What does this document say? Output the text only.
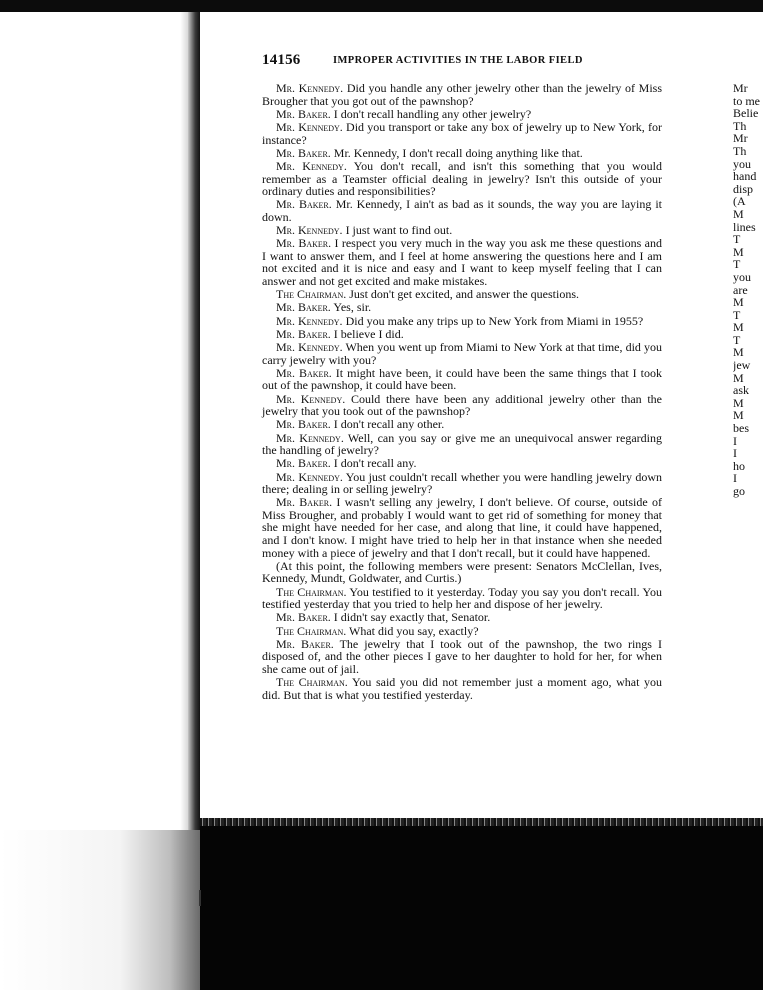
14156	IMPROPER ACTIVITIES IN THE LABOR FIELD

Mr. Kennedy. Did you handle any other jewelry other than the jewelry of Miss Brougher that you got out of the pawnshop?

Mr. Baker. I don't recall handling any other jewelry?

Mr. Kennedy. Did you transport or take any box of jewelry up to New York, for instance?

Mr. Baker. Mr. Kennedy, I don't recall doing anything like that.

Mr. Kennedy. You don't recall, and isn't this something that you would remember as a Teamster official dealing in jewelry? Isn't this outside of your ordinary duties and responsibilities?

Mr. Baker. Mr. Kennedy, I ain't as bad as it sounds, the way you are laying it down.

Mr. Kennedy. I just want to find out.

Mr. Baker. I respect you very much in the way you ask me these questions and I want to answer them, and I feel at home answering the questions here and I am not excited and it is nice and easy and I want to keep myself feeling that I can answer and not get excited and make mistakes.

The Chairman. Just don't get excited, and answer the questions.

Mr. Baker. Yes, sir.

Mr. Kennedy. Did you make any trips up to New York from Miami in 1955?

Mr. Baker. I believe I did.

Mr. Kennedy. When you went up from Miami to New York at that time, did you carry jewelry with you?

Mr. Baker. It might have been, it could have been the same things that I took out of the pawnshop, it could have been.

Mr. Kennedy. Could there have been any additional jewelry other than the jewelry that you took out of the pawnshop?

Mr. Baker. I don't recall any other.

Mr. Kennedy. Well, can you say or give me an unequivocal answer regarding the handling of jewelry?

Mr. Baker. I don't recall any.

Mr. Kennedy. You just couldn't recall whether you were handling jewelry down there; dealing in or selling jewelry?

Mr. Baker. I wasn't selling any jewelry, I don't believe. Of course, outside of Miss Brougher, and probably I would want to get rid of something for money that she might have needed for her case, and along that line, it could have happened, and I don't know. I might have tried to help her in that instance when she needed money with a piece of jewelry and that I don't recall, but it could have happened.

(At this point, the following members were present: Senators McClellan, Ives, Kennedy, Mundt, Goldwater, and Curtis.)

The Chairman. You testified to it yesterday. Today you say you don't recall. You testified yesterday that you tried to help her and dispose of her jewelry.

Mr. Baker. I didn't say exactly that, Senator.

The Chairman. What did you say, exactly?

Mr. Baker. The jewelry that I took out of the pawnshop, the two rings I disposed of, and the other pieces I gave to her daughter to hold for her, for when she came out of jail.

The Chairman. You said you did not remember just a moment ago, what you did. But that is what you testified yesterday.

Mr
to me
Belie
Th
Mr
Th
you
hand
disp
(A
M
lines
T
M
T
you
are
M
T
M
T
M
jew
M
ask
M
M
bes
I
I
ho
I
go
